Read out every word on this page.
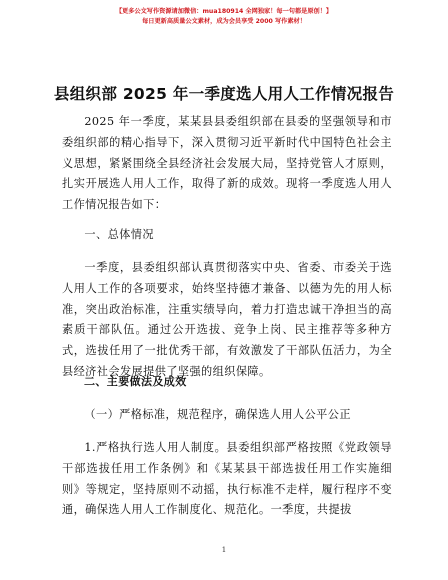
【更多公文写作资源请加微信：mua180914 全网独家！每一句都是原创！】
每日更新高质量公文素材，成为会员享受 2000 写作素材！
县组织部 2025 年一季度选人用人工作情况报告

2025 年一季度，某某县县委组织部在县委的坚强领导和市委组织部的精心指导下，深入贯彻习近平新时代中国特色社会主义思想，紧紧围绕全县经济社会发展大局，坚持党管人才原则，扎实开展选人用人工作，取得了新的成效。现将一季度选人用人工作情况报告如下：

一、总体情况

一季度，县委组织部认真贯彻落实中央、省委、市委关于选人用人工作的各项要求，始终坚持德才兼备、以德为先的用人标准，突出政治标准，注重实绩导向，着力打造忠诚干净担当的高素质干部队伍。通过公开选拔、竞争上岗、民主推荐等多种方式，选拔任用了一批优秀干部，有效激发了干部队伍活力，为全县经济社会发展提供了坚强的组织保障。

二、主要做法及成效

（一）严格标准，规范程序，确保选人用人公平公正

1.严格执行选人用人制度。县委组织部严格按照《党政领导干部选拔任用工作条例》和《某某县干部选拔任用工作实施细则》等规定，坚持原则不动摇，执行标准不走样，履行程序不变通，确保选人用人工作制度化、规范化。一季度，共提拔

1
